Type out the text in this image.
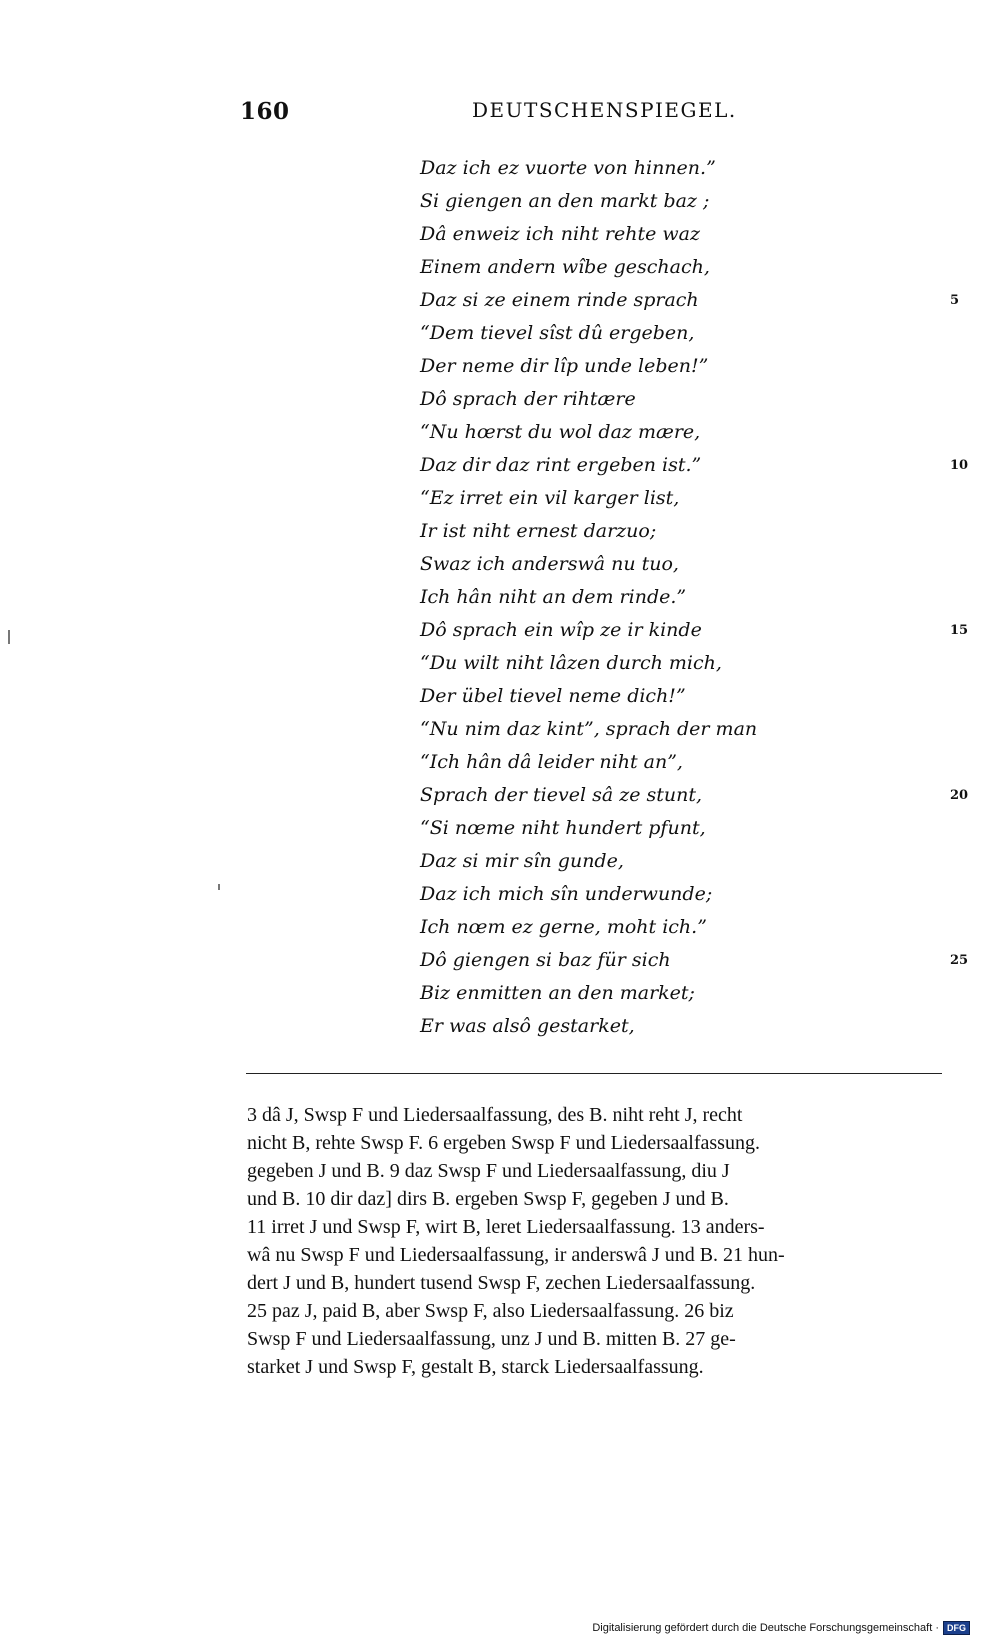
160	DEUTSCHENSPIEGEL.
Daz ich ez vuorte von hinnen.”
Si giengen an den markt baz ;
Dâ enweiz ich niht rehte waz
Einem andern wîbe geschach,
Daz si ze einem rinde sprach	5
“Dem tievel sîst dû ergeben,
Der neme dir lîp unde leben!”
Dô sprach der rihtære
“Nu hœrst du wol daz mære,
Daz dir daz rint ergeben ist.”	10
“Ez irret ein vil karger list,
Ir ist niht ernest darzuo;
Swaz ich anderswâ nu tuo,
Ich hân niht an dem rinde.”
Dô sprach ein wîp ze ir kinde	15
“Du wilt niht lâzen durch mich,
Der übel tievel neme dich!”
“Nu nim daz kint”, sprach der man
“Ich hân dâ leider niht an”,
Sprach der tievel sâ ze stunt,	20
“Si nœme niht hundert pfunt,
Daz si mir sîn gunde,
Daz ich mich sîn underwunde;
Ich nœm ez gerne, moht ich.”
Dô giengen si baz für sich	25
Biz enmitten an den market;
Er was alsô gestarket,
3 dâ J, Swsp F und Liedersaalfassung, des B. niht reht J, recht
nicht B, rehte Swsp F. 6 ergeben Swsp F und Liedersaalfassung.
gegeben J und B. 9 daz Swsp F und Liedersaalfassung, diu J
und B. 10 dir daz] dirs B. ergeben Swsp F, gegeben J und B.
11 irret J und Swsp F, wirt B, leret Liedersaalfassung. 13 anders-
wâ nu Swsp F und Liedersaalfassung, ir anderswâ J und B. 21 hun-
dert J und B, hundert tusend Swsp F, zechen Liedersaalfassung.
25 paz J, paid B, aber Swsp F, also Liedersaalfassung. 26 biz
Swsp F und Liedersaalfassung, unz J und B. mitten B. 27 ge-
starket J und Swsp F, gestalt B, starck Liedersaalfassung.
Digitalisierung gefördert durch die Deutsche Forschungsgemeinschaft · DFG
